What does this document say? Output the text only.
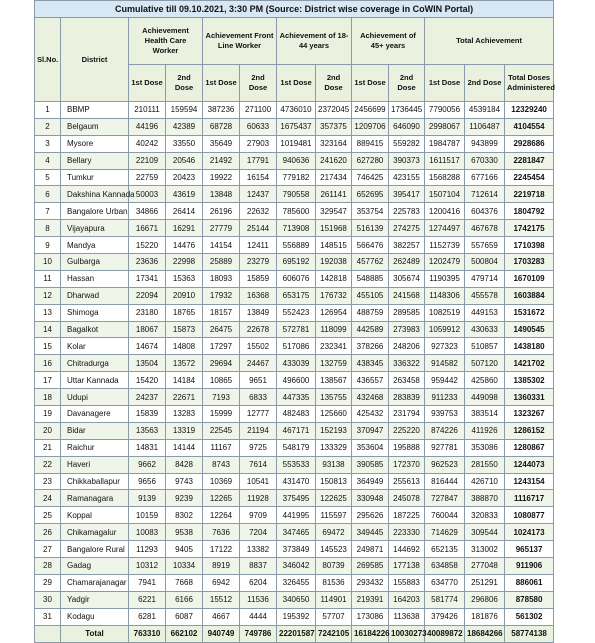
Cumulative till 09.10.2021, 3:30 PM (Source: District wise coverage in CoWIN Portal)												
Sl.No.	District	Achievement Health Care Worker		Achievement Front Line Worker		Achievement of 18-44 years		Achievement of 45+ years		Total Achievement		
		1st Dose	2nd Dose	1st Dose	2nd Dose	1st Dose	2nd Dose	1st Dose	2nd Dose	1st Dose	2nd Dose	Total Doses Administered
1	BBMP	210111	159594	387236	271100	4736010	2372045	2456699	1736445	7790056	4539184	12329240
2	Belgaum	44196	42389	68728	60633	1675437	357375	1209706	646090	2998067	1106487	4104554
3	Mysore	40242	33550	35649	27903	1019481	323164	889415	559282	1984787	943899	2928686
4	Bellary	22109	20546	21492	17791	940636	241620	627280	390373	1611517	670330	2281847
5	Tumkur	22759	20423	19922	16154	779182	217434	746425	423155	1568288	677166	2245454
6	Dakshina Kannada	50003	43619	13848	12437	790558	261141	652695	395417	1507104	712614	2219718
7	Bangalore Urban	34866	26414	26196	22632	785600	329547	353754	225783	1200416	604376	1804792
8	Vijayapura	16671	16291	27779	25144	713908	151968	516139	274275	1274497	467678	1742175
9	Mandya	15220	14476	14154	12411	556889	148515	566476	382257	1152739	557659	1710398
10	Gulbarga	23636	22998	25889	23279	695192	192038	457762	262489	1202479	500804	1703283
11	Hassan	17341	15363	18093	15859	606076	142818	548885	305674	1190395	479714	1670109
12	Dharwad	22094	20910	17932	16368	653175	176732	455105	241568	1148306	455578	1603884
13	Shimoga	23180	18765	18157	13849	552423	126954	488759	289585	1082519	449153	1531672
14	Bagalkot	18067	15873	26475	22678	572781	118099	442589	273983	1059912	430633	1490545
15	Kolar	14674	14808	17297	15502	517086	232341	378266	248206	927323	510857	1438180
16	Chitradurga	13504	13572	29694	24467	433039	132759	438345	336322	914582	507120	1421702
17	Uttar Kannada	15420	14184	10865	9651	496600	138567	436557	263458	959442	425860	1385302
18	Udupi	24237	22671	7193	6833	447335	135755	432468	283839	911233	449098	1360331
19	Davanagere	15839	13283	15999	12777	482483	125660	425432	231794	939753	383514	1323267
20	Bidar	13563	13319	22545	21194	467171	152193	370947	225220	874226	411926	1286152
21	Raichur	14831	14144	11167	9725	548179	133329	353604	195888	927781	353086	1280867
22	Haveri	9662	8428	8743	7614	553533	93138	390585	172370	962523	281550	1244073
23	Chikkaballapur	9656	9743	10369	10541	431470	150813	364949	255613	816444	426710	1243154
24	Ramanagara	9139	9239	12265	11928	375495	122625	330948	245078	727847	388870	1116717
25	Koppal	10159	8302	12264	9709	441995	115597	295626	187225	760044	320833	1080877
26	Chikamagalur	10083	9538	7636	7204	347465	69472	349445	223330	714629	309544	1024173
27	Bangalore Rural	11293	9405	17122	13382	373849	145523	249871	144692	652135	313002	965137
28	Gadag	10312	10334	8919	8837	346042	80739	269585	177138	634858	277048	911906
29	Chamarajanagar	7941	7668	6942	6204	326455	81536	293432	155883	634770	251291	886061
30	Yadgir	6221	6166	15512	11536	340650	114901	219391	164203	581774	296806	878580
31	Kodagu	6281	6087	4667	4444	195392	57707	173086	113638	379426	181876	561302
	Total	763310	662102	940749	749786	22201587	7242105	16184226	10030273	40089872	18684266	58774138
